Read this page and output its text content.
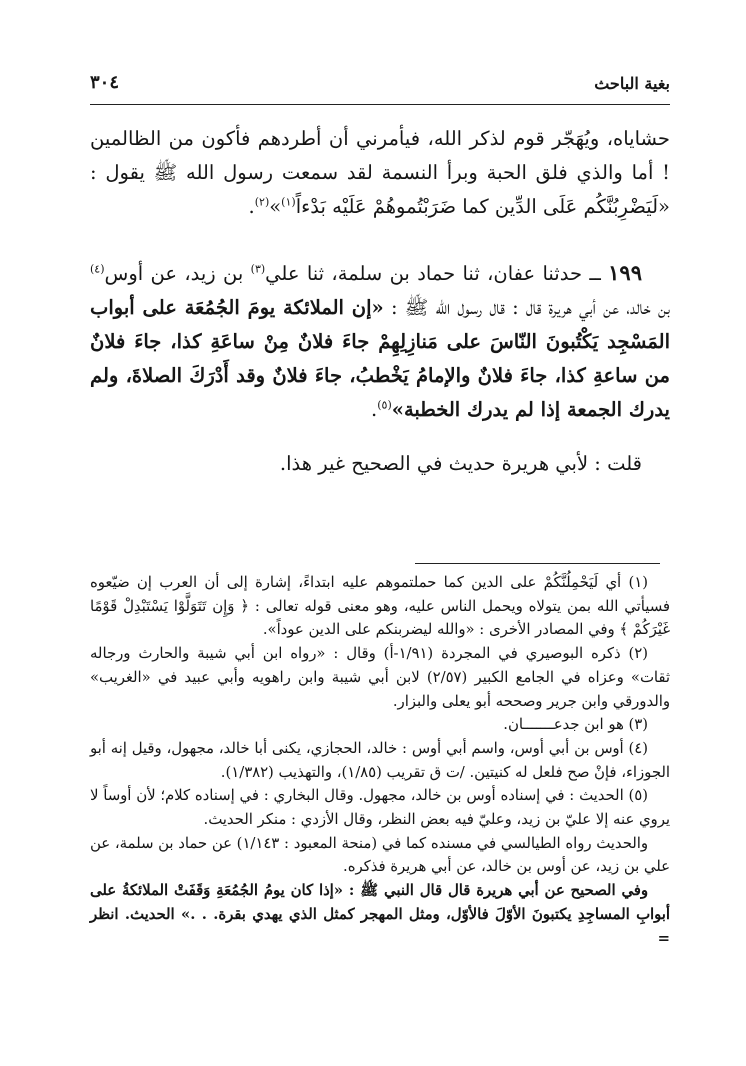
بغية الباحث
٣٠٤
حشاياه، ويُهَجّر قوم لذكر الله، فيأمرني أن أطردهم فأكون من الظالمين ! أما والذي فلق الحبة وبرأ النسمة لقد سمعت رسول الله ﷺ يقول : «لَيَضْرِبُنَّكُم عَلَى الدِّين كما ضَرَبْتُموهُمْ عَلَيْه بَدْءاً$^{(١)}$»$^{(٢)}$.
١٩٩ ــ حدثنا عفان، ثنا حماد بن سلمة، ثنا علي$^{(٣)}$ بن زيد، عن أوس$^{(٤)}$ بن خالد، عن أبي هريرة قال : قال رسول الله ﷺ : «إن الملائكة يومَ الجُمُعَة على أبواب المَسْجِد يَكْتُبونَ النّاسَ على مَنازِلِهِمْ جاءَ فلانٌ مِنْ ساعَةِ كذا، جاءَ فلانٌ من ساعةِ كذا، جاءَ فلانٌ والإمامُ يَخْطبُ، جاءَ فلانٌ وقد أَدْرَكَ الصلاةَ، ولم يدرك الجمعة إذا لم يدرك الخطبة»$^{(٥)}$.
قلت : لأبي هريرة حديث في الصحيح غير هذا.

(١) أي لَيَحْمِلُنَّكُمْ على الدين كما حملتموهم عليه ابتداءً، إشارة إلى أن العرب إن ضيّعوه فسيأتي الله بمن يتولاه ويحمل الناس عليه، وهو معنى قوله تعالى : ﴿ وَإِن تَتَوَلَّوْا يَسْتَبْدِلْ قَوْمًا غَيْرَكُمْ ﴾ وفي المصادر الأخرى : «والله ليضربنكم على الدين عوداً».

(٢) ذكره البوصيري في المجردة (١/٩١-أ) وقال : «رواه ابن أبي شيبة والحارث ورجاله ثقات» وعزاه في الجامع الكبير (٢/٥٧) لابن أبي شيبة وابن راهويه وأبي عبيد في «الغريب» والدورقي وابن جرير وصححه أبو يعلى والبزار.

(٣) هو ابن جدعـــــــان.

(٤) أوس بن أبي أوس، واسم أبي أوس : خالد، الحجازي، يكنى أبا خالد، مجهول، وقيل إنه أبو الجوزاء، فإنْ صح فلعل له كنيتين. /ت ق تقريب (١/٨٥)، والتهذيب (١/٣٨٢).

(٥) الحديث : في إسناده أوس بن خالد، مجهول. وقال البخاري : في إسناده كلام؛ لأن أوساً لا يروي عنه إلا عليّ بن زيد، وعليّ فيه بعض النظر، وقال الأزدي : منكر الحديث.

والحديث رواه الطيالسي في مسنده كما في (منحة المعبود : ١/١٤٣) عن حماد بن سلمة، عن علي بن زيد، عن أوس بن خالد، عن أبي هريرة فذكره.

وفي الصحيح عن أبي هريرة قال قال النبي ﷺ : «إذا كان يومُ الجُمُعَةِ وَقَفَتْ الملائكةُ على أبوابِ المساجِدِ يكتبونَ الأوّلَ فالأوّل، ومثل المهجر كمثل الذي يهدي بقرة. . .» الحديث. انظر =
